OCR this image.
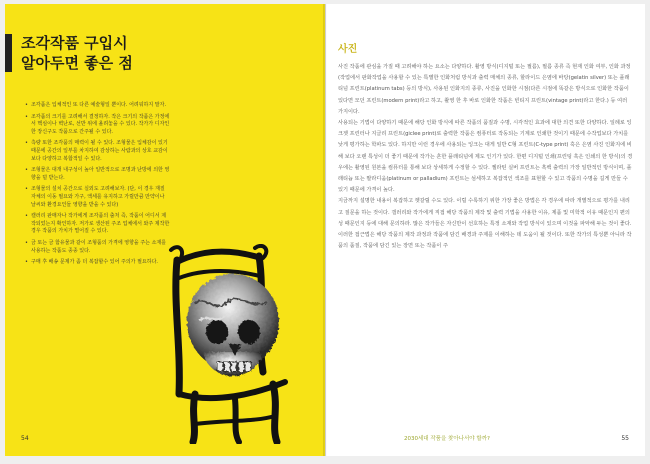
조각작품 구입시
알아두면 좋은 점
• 조각품은 입체적인 또 다른 예술형일 뿐이다. 어려워하지 말자.
• 조각품의 크기를 고려해서 결정하자. 작은 크기의 작품은 가정에서 핵심이나 벽난로, 선반 위에 올려놓을 수 있다. 작가가 디자인한 장신구도 작품으로 간주될 수 있다.
• 측량 또한 조각품의 매력이 될 수 있다. 조형물은 입체감이 있기 때문에 공간의 일부를 차지하여 감상하는 사람과의 상호 교감이 보다 다양하고 복합적일 수 있다.
• 조형물은 대개 내구성이 높아 일반적으로 조명과 난방에 의한 영향을 덜 받는다.
• 조형물의 설치 공간으로 실외도 고려해보자. (단, 이 경우 재질 자체의 이동 필요와 가구, 액세를 유지하고 가릴만큼 만약이나 날씨와 환경요인들 영향을 받을 수 있다)
• 캘러리 판매자나 작가에게 조각품의 출처 즉, 작품이 어디서 제작되었는지 확인하자. 저가로 생산된 주조 업체에서 와주 제작한 경우 작품의 가치가 떨어질 수 있다.
• 금 또는 금 함유물과 같이 조형품의 가격에 영향을 주는 소재를 사용하는 작품도 종종 있다.
• 구매 후 배송 문제가 좀 더 복잡할수 있어 주의가 필요하다.
54
사진

사진 작품에 관심을 가질 때 고려해야 하는 요소는 다양하다. 촬영 방식(디지털 또는 필름), 필름 종류 즉 현재 인화 여부, 인화 과정(작업에서 판화작업을 사용할 수 있는 특별한 인화처럼 방식과 출력 매체의 종류, 할라이드 은염에 바탕(gelatin silver) 또는 플래티넘 프린트(platinum tabs) 등의 방식), 사용된 인화지의 종류, 사진을 인화한 시점(다른 시점에 똑같은 방식으로 인화한 작품이 있다면 모던 프린트(modern print)라고 하고, 촬영 한 후 바로 인화한 작품은 빈티지 프린트(vintage print)라고 한다.) 등 여러 가지이다.

사용되는 기법이 다양하기 때문에 해당 인화 방식에 따른 작품의 품질과 수명, 시각적인 효과에 대한 의견 또한 다양하다. 일례로 잉크젯 프린터나 지글리 프린트(giclee print)로 출력한 작품은 컴퓨터로 작동되는 기계로 인쇄한 것이기 때문에 수작업보다 가치를 낮게 평가하는 학파도 있다. 하지만 이런 경우에 사용되는 잉크는 대게 일반 C형 프린트(C-type print) 혹은 은염 사진 인화지에 비해 보다 오랜 특성이 더 좋기 때문에 작가는 흔한 플래티넘에 제도 인기가 있다. 한편 디지털 인쇄(프린팅 혹은 인쇄의 한 방식)의 경우에는 촬영된 원본을 컴퓨터를 통해 보다 상세하게 수정할 수 있다. 젤라틴 실버 프린트는 흑백 출력의 가장 일반적인 방식이며, 플래티늄 또는 팔라디움(platinum or palladium) 프린트는 섬세하고 복잡적인 색조를 표현할 수 있고 작품의 수명을 길게 만들 수 있기 때문에 가격이 높다.

지금까지 설명한 내용이 복잡하고 헷갈릴 수도 있다. 이럴 수록하기 위한 가장 좋은 방법은 각 경우에 따라 개별적으로 평가를 내리고 질문을 하는 것이다. 갤러리와 작가에게 직접 해당 작품의 제작 및 출력 기법을 사용한 이유, 제품 및 미학적 이유 때문인지 편의성 때문인지 등에 대해 문의하라. 많은 작가들은 자신만이 선호하는 특정 소재와 작업 방식이 있으며 이것을 파악해 두는 것이 좋다. 이러한 접근법은 해당 작품의 제작 과정과 작품에 담긴 배경과 주제를 이해하는 데 도움이 될 것이다. 또한 작가의 특성뿐 아니라 작품의 품질, 작품에 담긴 있는 장면 또는 작품이 주

2030세대 작품을 찾아나서야 할까?	55
